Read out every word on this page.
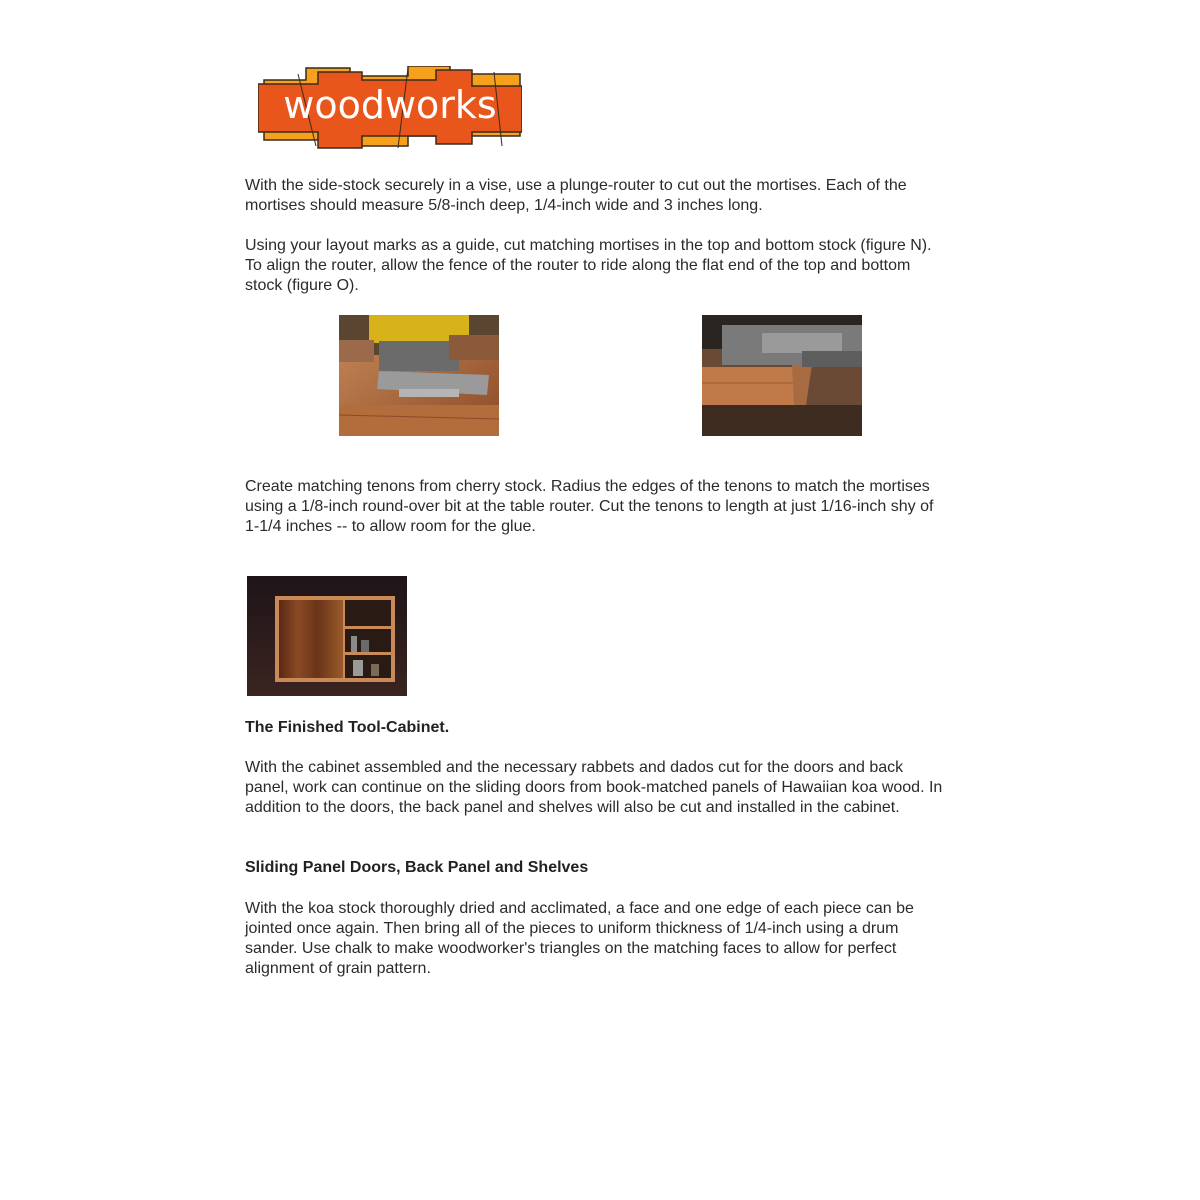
woodworks

With the side-stock securely in a vise, use a plunge-router to cut out the mortises. Each of the mortises should measure 5/8-inch deep, 1/4-inch wide and 3 inches long.

Using your layout marks as a guide, cut matching mortises in the top and bottom stock (figure N). To align the router, allow the fence of the router to ride along the flat end of the top and bottom stock (figure O).

Create matching tenons from cherry stock. Radius the edges of the tenons to match the mortises using a 1/8-inch round-over bit at the table router. Cut the tenons to length at just 1/16-inch shy of 1-1/4 inches -- to allow room for the glue.

The Finished Tool-Cabinet.

With the cabinet assembled and the necessary rabbets and dados cut for the doors and back panel, work can continue on the sliding doors from book-matched panels of Hawaiian koa wood. In addition to the doors, the back panel and shelves will also be cut and installed in the cabinet.

Sliding Panel Doors, Back Panel and Shelves

With the koa stock thoroughly dried and acclimated, a face and one edge of each piece can be jointed once again. Then bring all of the pieces to uniform thickness of 1/4-inch using a drum sander. Use chalk to make woodworker's triangles on the matching faces to allow for perfect alignment of grain pattern.
